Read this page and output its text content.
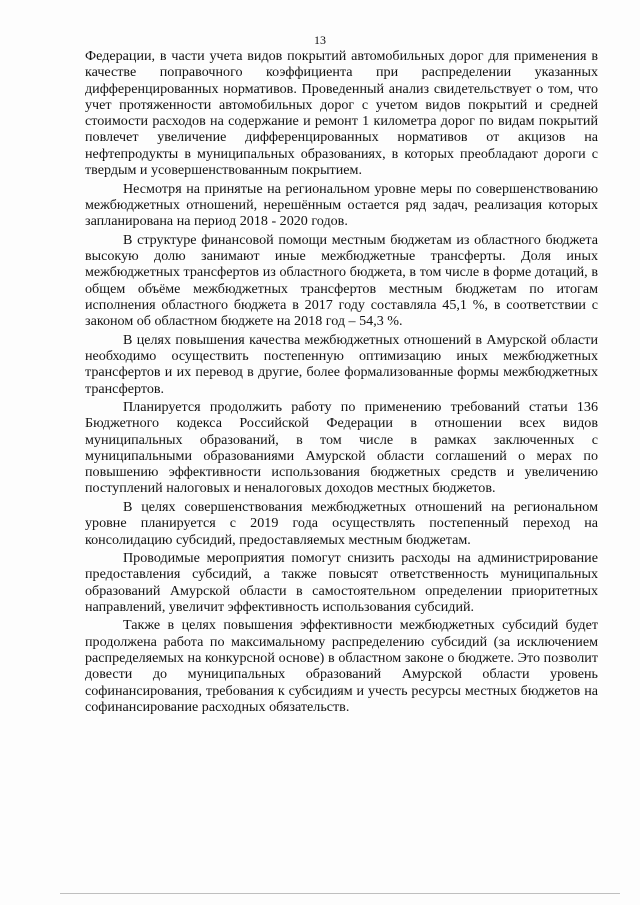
13

Федерации, в части учета видов покрытий автомобильных дорог для применения в качестве поправочного коэффициента при распределении указанных дифференцированных нормативов. Проведенный анализ свидетельствует о том, что учет протяженности автомобильных дорог с учетом видов покрытий и средней стоимости расходов на содержание и ремонт 1 километра дорог по видам покрытий повлечет увеличение дифференцированных нормативов от акцизов на нефтепродукты в муниципальных образованиях, в которых преобладают дороги с твердым и усовершенствованным покрытием.

Несмотря на принятые на региональном уровне меры по совершенствованию межбюджетных отношений, нерешённым остается ряд задач, реализация которых запланирована на период 2018 - 2020 годов.

В структуре финансовой помощи местным бюджетам из областного бюджета высокую долю занимают иные межбюджетные трансферты. Доля иных межбюджетных трансфертов из областного бюджета, в том числе в форме дотаций, в общем объёме межбюджетных трансфертов местным бюджетам по итогам исполнения областного бюджета в 2017 году составляла 45,1 %, в соответствии с законом об областном бюджете на 2018 год – 54,3 %.

В целях повышения качества межбюджетных отношений в Амурской области необходимо осуществить постепенную оптимизацию иных межбюджетных трансфертов и их перевод в другие, более формализованные формы межбюджетных трансфертов.

Планируется продолжить работу по применению требований статьи 136 Бюджетного кодекса Российской Федерации в отношении всех видов муниципальных образований, в том числе в рамках заключенных с муниципальными образованиями Амурской области соглашений о мерах по повышению эффективности использования бюджетных средств и увеличению поступлений налоговых и неналоговых доходов местных бюджетов.

В целях совершенствования межбюджетных отношений на региональном уровне планируется с 2019 года осуществлять постепенный переход на консолидацию субсидий, предоставляемых местным бюджетам.

Проводимые мероприятия помогут снизить расходы на администрирование предоставления субсидий, а также повысят ответственность муниципальных образований Амурской области в самостоятельном определении приоритетных направлений, увеличит эффективность использования субсидий.

Также в целях повышения эффективности межбюджетных субсидий будет продолжена работа по максимальному распределению субсидий (за исключением распределяемых на конкурсной основе) в областном законе о бюджете. Это позволит довести до муниципальных образований Амурской области уровень софинансирования, требования к субсидиям и учесть ресурсы местных бюджетов на софинансирование расходных обязательств.
